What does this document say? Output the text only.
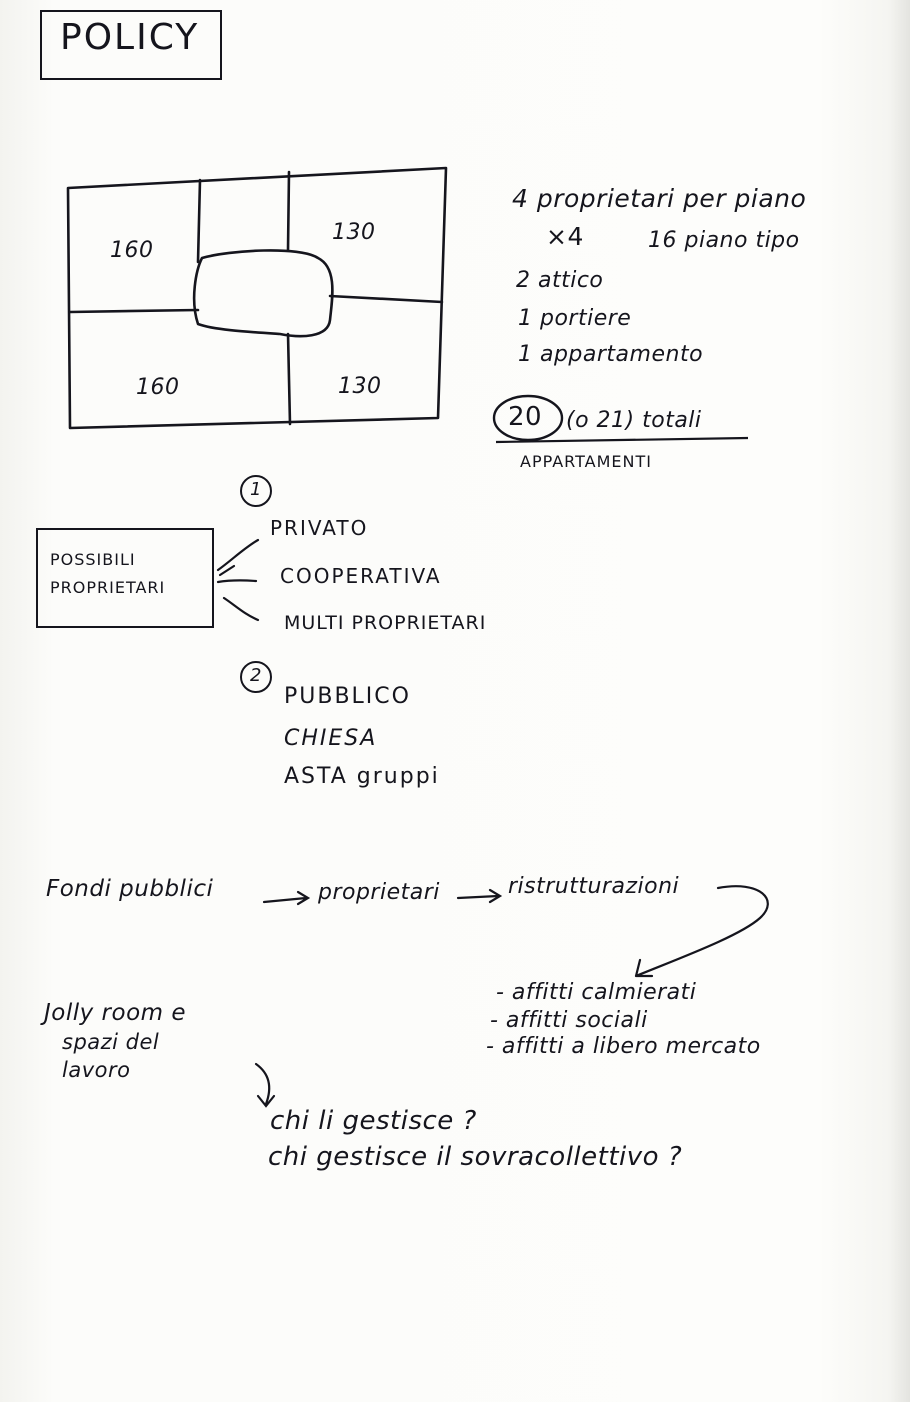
POLICY
160
130
160	130
4 proprietari per piano
×4	16 piano tipo
2 attico
1 portiere
1 appartamento
20 (o 21) totali
APPARTAMENTI
POSSIBILI
PROPRIETARI
1
PRIVATO
COOPERATIVA
MULTI PROPRIETARI
2
PUBBLICO
CHIESA
ASTA gruppi
Fondi pubblici	proprietari	ristrutturazioni
- affitti calmierati
- affitti sociali
- affitti a libero mercato
Jolly room e
spazi del
lavoro
chi li gestisce ?
chi gestisce il sovracollettivo ?
